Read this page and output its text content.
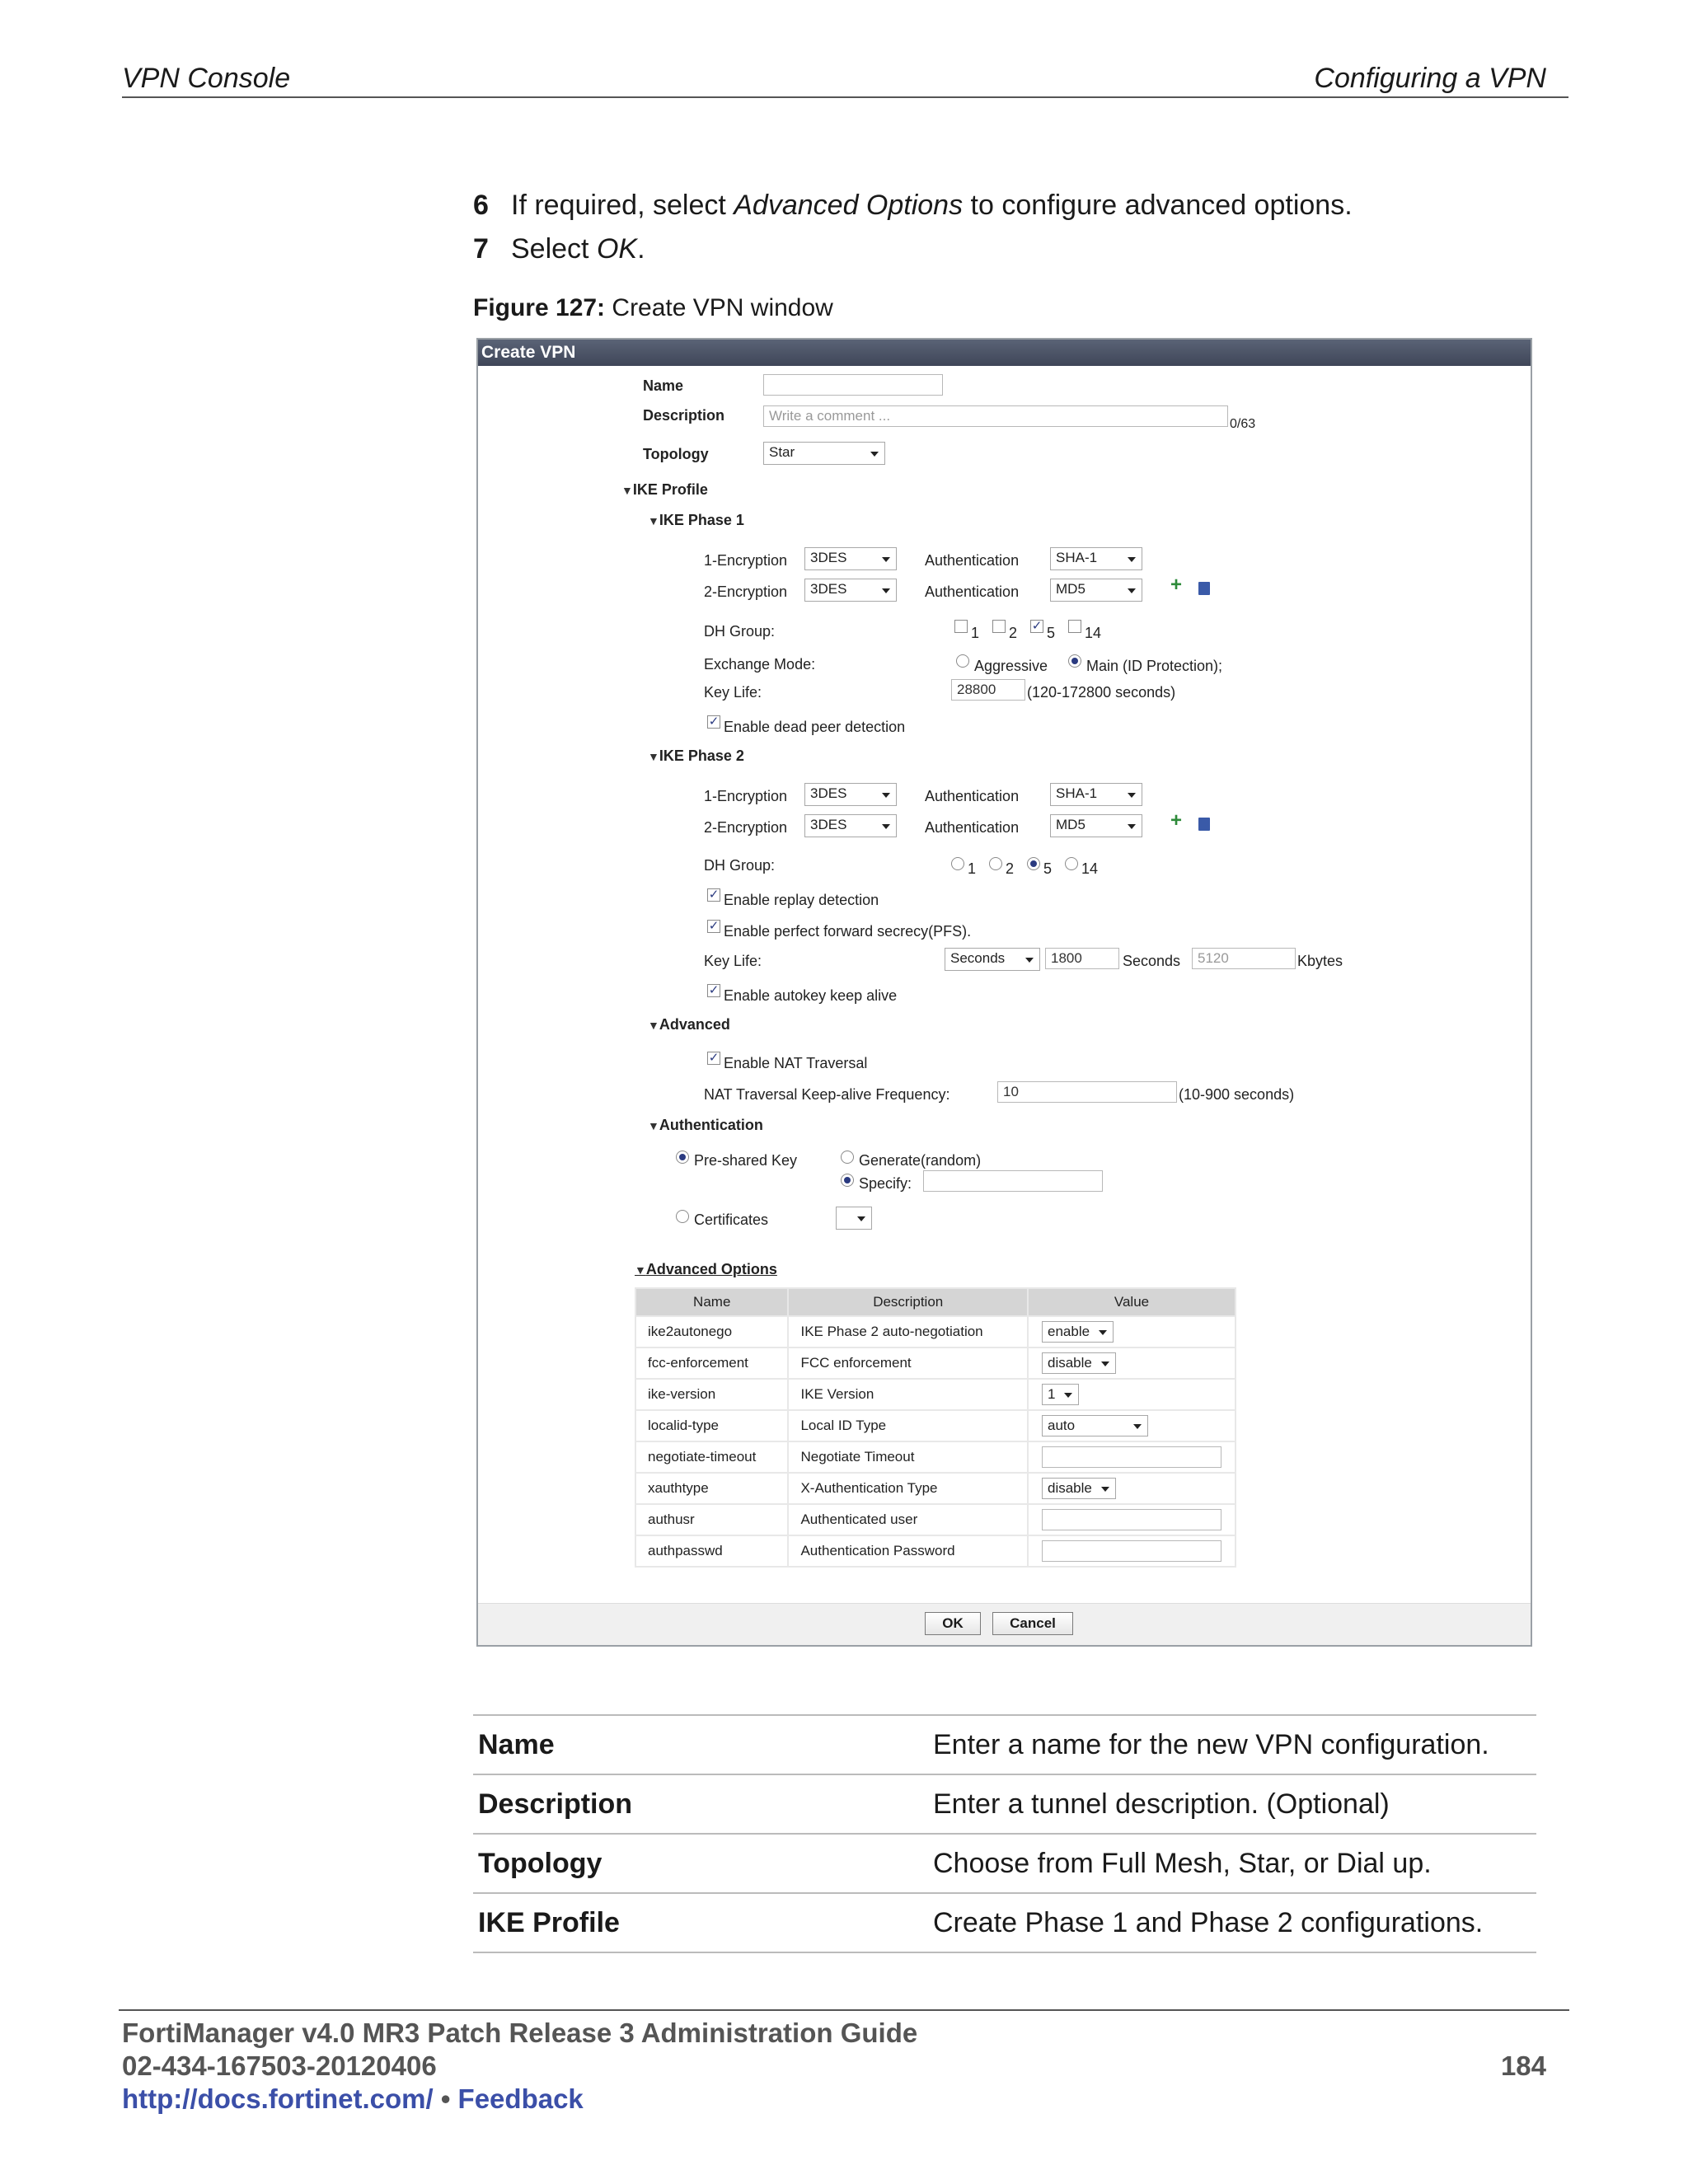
VPN Console	Configuring a VPN
6 If required, select Advanced Options to configure advanced options.
7 Select OK.
Figure 127: Create VPN window
Create VPN
Name
Description	Write a comment ...
0/63
Topology	Star
▼IKE Profile
▼IKE Phase 1
1-Encryption	3DES	Authentication	SHA-1
2-Encryption	3DES	Authentication	MD5	+
DH Group:	1 2 ✓ 5 14
Exchange Mode:	Aggressive	Main (ID Protection);
Key Life:	28800	(120-172800 seconds)
✓ Enable dead peer detection
▼IKE Phase 2
1-Encryption	3DES	Authentication	SHA-1
2-Encryption	3DES	Authentication	MD5	+
DH Group:	1 2 5 14
✓ Enable replay detection
✓ Enable perfect forward secrecy(PFS).
Key Life:	Seconds	1800	Seconds	5120	Kbytes
✓ Enable autokey keep alive
▼Advanced
✓ Enable NAT Traversal
NAT Traversal Keep-alive Frequency:	10	(10-900 seconds)
▼Authentication
Pre-shared Key	Generate(random)
Specify:
Certificates
▼Advanced Options
Name	Description	Value
ike2autonego	IKE Phase 2 auto-negotiation	enable
fcc-enforcement	FCC enforcement	disable
ike-version	IKE Version	1
localid-type	Local ID Type	auto
negotiate-timeout	Negotiate Timeout	
xauthtype	X-Authentication Type	disable
authusr	Authenticated user	
authpasswd	Authentication Password	
OK	Cancel
Name	Enter a name for the new VPN configuration.
Description	Enter a tunnel description. (Optional)
Topology	Choose from Full Mesh, Star, or Dial up.
IKE Profile	Create Phase 1 and Phase 2 configurations.
FortiManager v4.0 MR3 Patch Release 3 Administration Guide
02-434-167503-20120406	184
http://docs.fortinet.com/ • Feedback
